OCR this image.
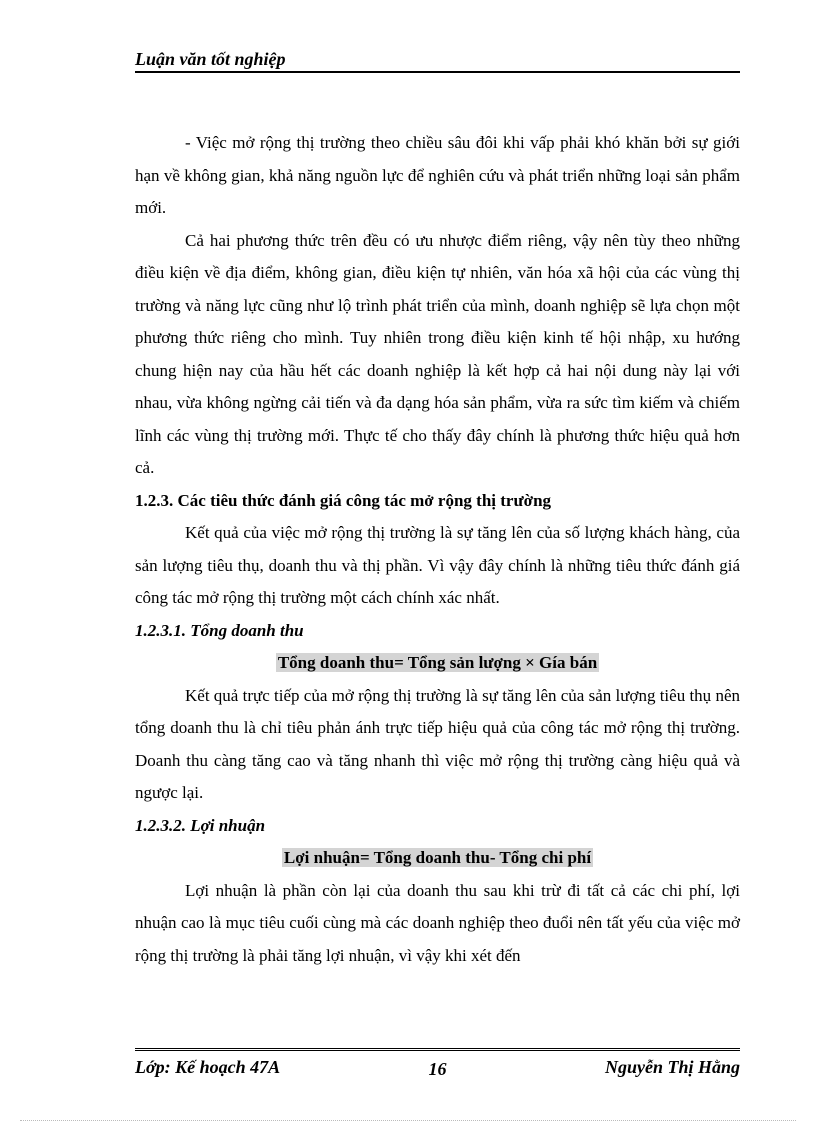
Luận văn tốt nghiệp

- Việc mở rộng thị trường theo chiều sâu đôi khi vấp phải khó khăn bởi sự giới hạn về không gian, khả năng nguồn lực để nghiên cứu và phát triển những loại sản phẩm mới.

Cả hai phương thức trên đều có ưu nhược điểm riêng, vậy nên tùy theo những điều kiện về địa điểm, không gian, điều kiện tự nhiên, văn hóa xã hội của các vùng thị trường và năng lực cũng như lộ trình phát triển của mình, doanh nghiệp sẽ lựa chọn một phương thức riêng cho mình. Tuy nhiên trong điều kiện kinh tế hội nhập, xu hướng chung hiện nay của hầu hết các doanh nghiệp là kết hợp cả hai nội dung này lại với nhau, vừa không ngừng cải tiến và đa dạng hóa sản phẩm, vừa ra sức tìm kiếm và chiếm lĩnh các vùng thị trường mới. Thực tế cho thấy đây chính là phương thức hiệu quả hơn cả.

1.2.3. Các tiêu thức đánh giá công tác mở rộng thị trường

Kết quả của việc mở rộng thị trường là sự tăng lên của số lượng khách hàng, của sản lượng tiêu thụ, doanh thu và thị phần. Vì vậy đây chính là những tiêu thức đánh giá công tác mở rộng thị trường một cách chính xác nhất.

1.2.3.1. Tổng doanh thu

Tổng doanh thu= Tổng sản lượng × Gía bán

Kết quả trực tiếp của mở rộng thị trường là sự tăng lên của sản lượng tiêu thụ nên tổng doanh thu là chỉ tiêu phản ánh trực tiếp hiệu quả của công tác mở rộng thị trường. Doanh thu càng tăng cao và tăng nhanh thì việc mở rộng thị trường càng hiệu quả và ngược lại.

1.2.3.2. Lợi nhuận

Lợi nhuận= Tổng doanh thu- Tổng chi phí

Lợi nhuận là phần còn lại của doanh thu sau khi trừ đi tất cả các chi phí, lợi nhuận cao là mục tiêu cuối cùng mà các doanh nghiệp theo đuổi nên tất yếu của việc mở rộng thị trường là phải tăng lợi nhuận, vì vậy khi xét đến

Lớp: Kế hoạch 47A	16	Nguyễn Thị Hằng
